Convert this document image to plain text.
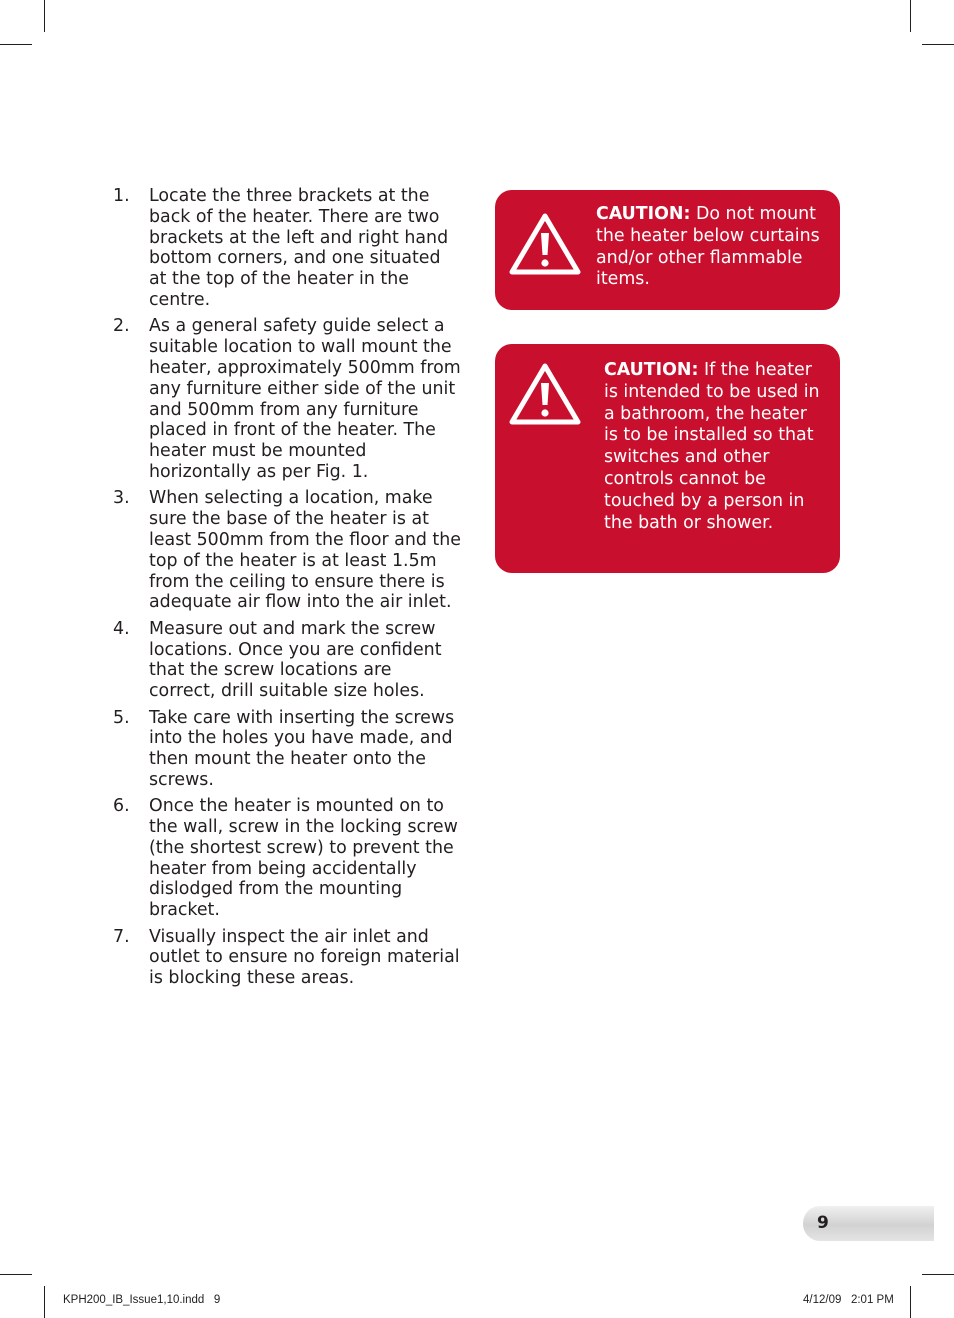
1.	Locate the three brackets at the back of the heater. There are two brackets at the left and right hand bottom corners, and one situated at the top of the heater in the centre.
2.	As a general safety guide select a suitable location to wall mount the heater, approximately 500mm from any furniture either side of the unit and 500mm from any furniture placed in front of the heater. The heater must be mounted horizontally as per Fig. 1.
3.	When selecting a location, make sure the base of the heater is at least 500mm from the floor and the top of the heater is at least 1.5m from the ceiling to ensure there is adequate air flow into the air inlet.
4.	Measure out and mark the screw locations. Once you are confident that the screw locations are correct, drill suitable size holes.
5.	Take care with inserting the screws into the holes you have made, and then mount the heater onto the screws.
6.	Once the heater is mounted on to the wall, screw in the locking screw (the shortest screw) to prevent the heater from being accidentally dislodged from the mounting bracket.
7.	Visually inspect the air inlet and outlet to ensure no foreign material is blocking these areas.
CAUTION: Do not mount the heater below curtains and/or other flammable items.
CAUTION: If the heater is intended to be used in a bathroom, the heater is to be installed so that switches and other controls cannot be touched by a person in the bath or shower.
9
KPH200_IB_Issue1,10.indd   9	4/12/09   2:01 PM
